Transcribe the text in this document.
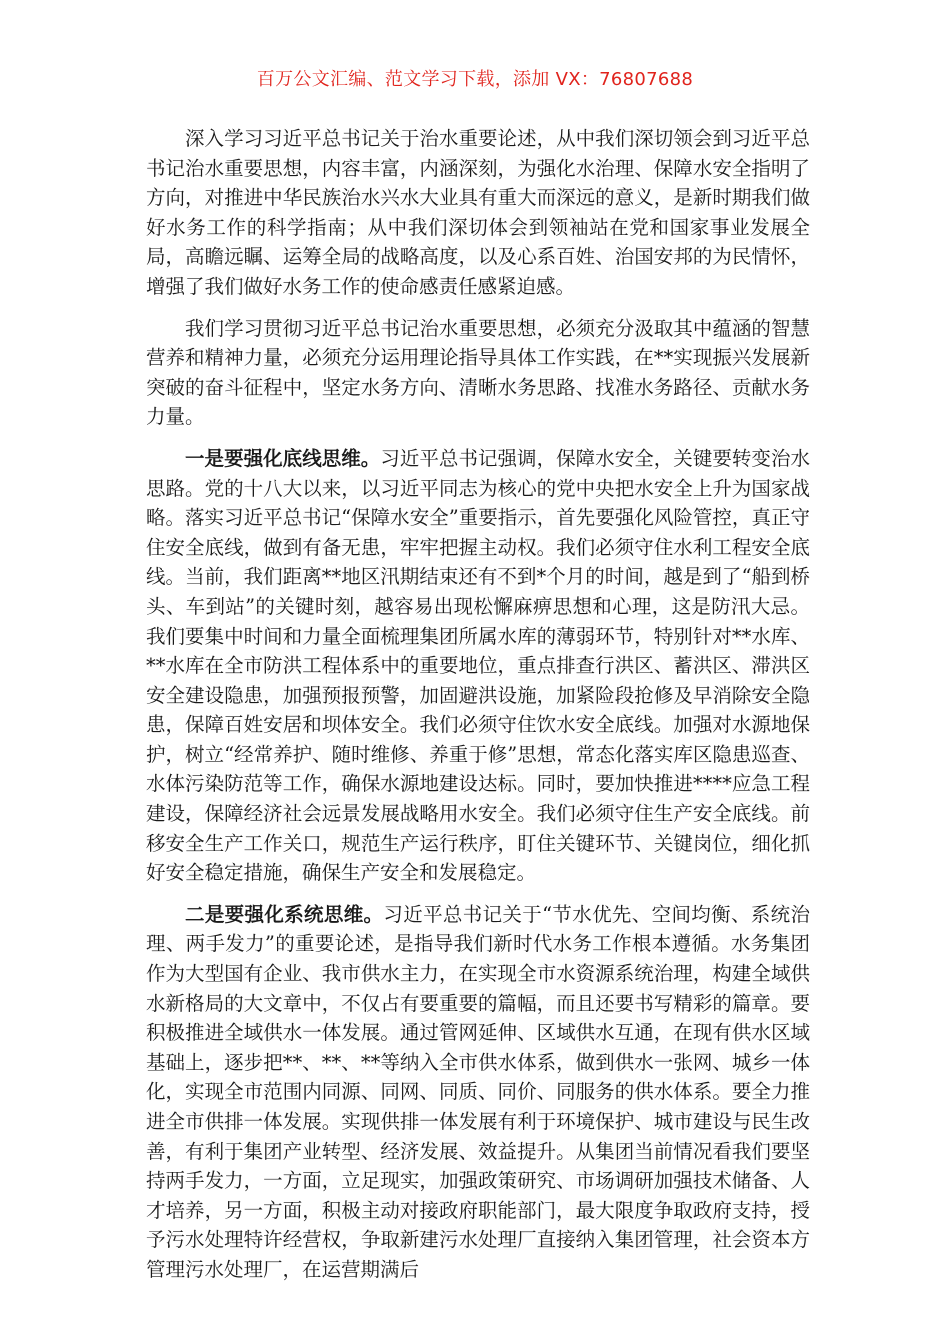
百万公文汇编、范文学习下载，添加 VX：76807688

深入学习习近平总书记关于治水重要论述，从中我们深切领会到习近平总书记治水重要思想，内容丰富，内涵深刻，为强化水治理、保障水安全指明了方向，对推进中华民族治水兴水大业具有重大而深远的意义，是新时期我们做好水务工作的科学指南；从中我们深切体会到领袖站在党和国家事业发展全局，高瞻远瞩、运筹全局的战略高度，以及心系百姓、治国安邦的为民情怀，增强了我们做好水务工作的使命感责任感紧迫感。

我们学习贯彻习近平总书记治水重要思想，必须充分汲取其中蕴涵的智慧营养和精神力量，必须充分运用理论指导具体工作实践，在**实现振兴发展新突破的奋斗征程中，坚定水务方向、清晰水务思路、找准水务路径、贡献水务力量。

一是要强化底线思维。习近平总书记强调，保障水安全，关键要转变治水思路。党的十八大以来，以习近平同志为核心的党中央把水安全上升为国家战略。落实习近平总书记“保障水安全”重要指示，首先要强化风险管控，真正守住安全底线，做到有备无患，牢牢把握主动权。我们必须守住水利工程安全底线。当前，我们距离**地区汛期结束还有不到*个月的时间，越是到了“船到桥头、车到站”的关键时刻，越容易出现松懈麻痹思想和心理，这是防汛大忌。我们要集中时间和力量全面梳理集团所属水库的薄弱环节，特别针对**水库、**水库在全市防洪工程体系中的重要地位，重点排查行洪区、蓄洪区、滞洪区安全建设隐患，加强预报预警，加固避洪设施，加紧险段抢修及早消除安全隐患，保障百姓安居和坝体安全。我们必须守住饮水安全底线。加强对水源地保护，树立“经常养护、随时维修、养重于修”思想，常态化落实库区隐患巡查、水体污染防范等工作，确保水源地建设达标。同时，要加快推进****应急工程建设，保障经济社会远景发展战略用水安全。我们必须守住生产安全底线。前移安全生产工作关口，规范生产运行秩序，盯住关键环节、关键岗位，细化抓好安全稳定措施，确保生产安全和发展稳定。

二是要强化系统思维。习近平总书记关于“节水优先、空间均衡、系统治理、两手发力”的重要论述，是指导我们新时代水务工作根本遵循。水务集团作为大型国有企业、我市供水主力，在实现全市水资源系统治理，构建全域供水新格局的大文章中，不仅占有要重要的篇幅，而且还要书写精彩的篇章。要积极推进全域供水一体发展。通过管网延伸、区域供水互通，在现有供水区域基础上，逐步把**、**、**等纳入全市供水体系，做到供水一张网、城乡一体化，实现全市范围内同源、同网、同质、同价、同服务的供水体系。要全力推进全市供排一体发展。实现供排一体发展有利于环境保护、城市建设与民生改善，有利于集团产业转型、经济发展、效益提升。从集团当前情况看我们要坚持两手发力，一方面，立足现实，加强政策研究、市场调研加强技术储备、人才培养，另一方面，积极主动对接政府职能部门，最大限度争取政府支持，授予污水处理特许经营权，争取新建污水处理厂直接纳入集团管理，社会资本方管理污水处理厂，在运营期满后
